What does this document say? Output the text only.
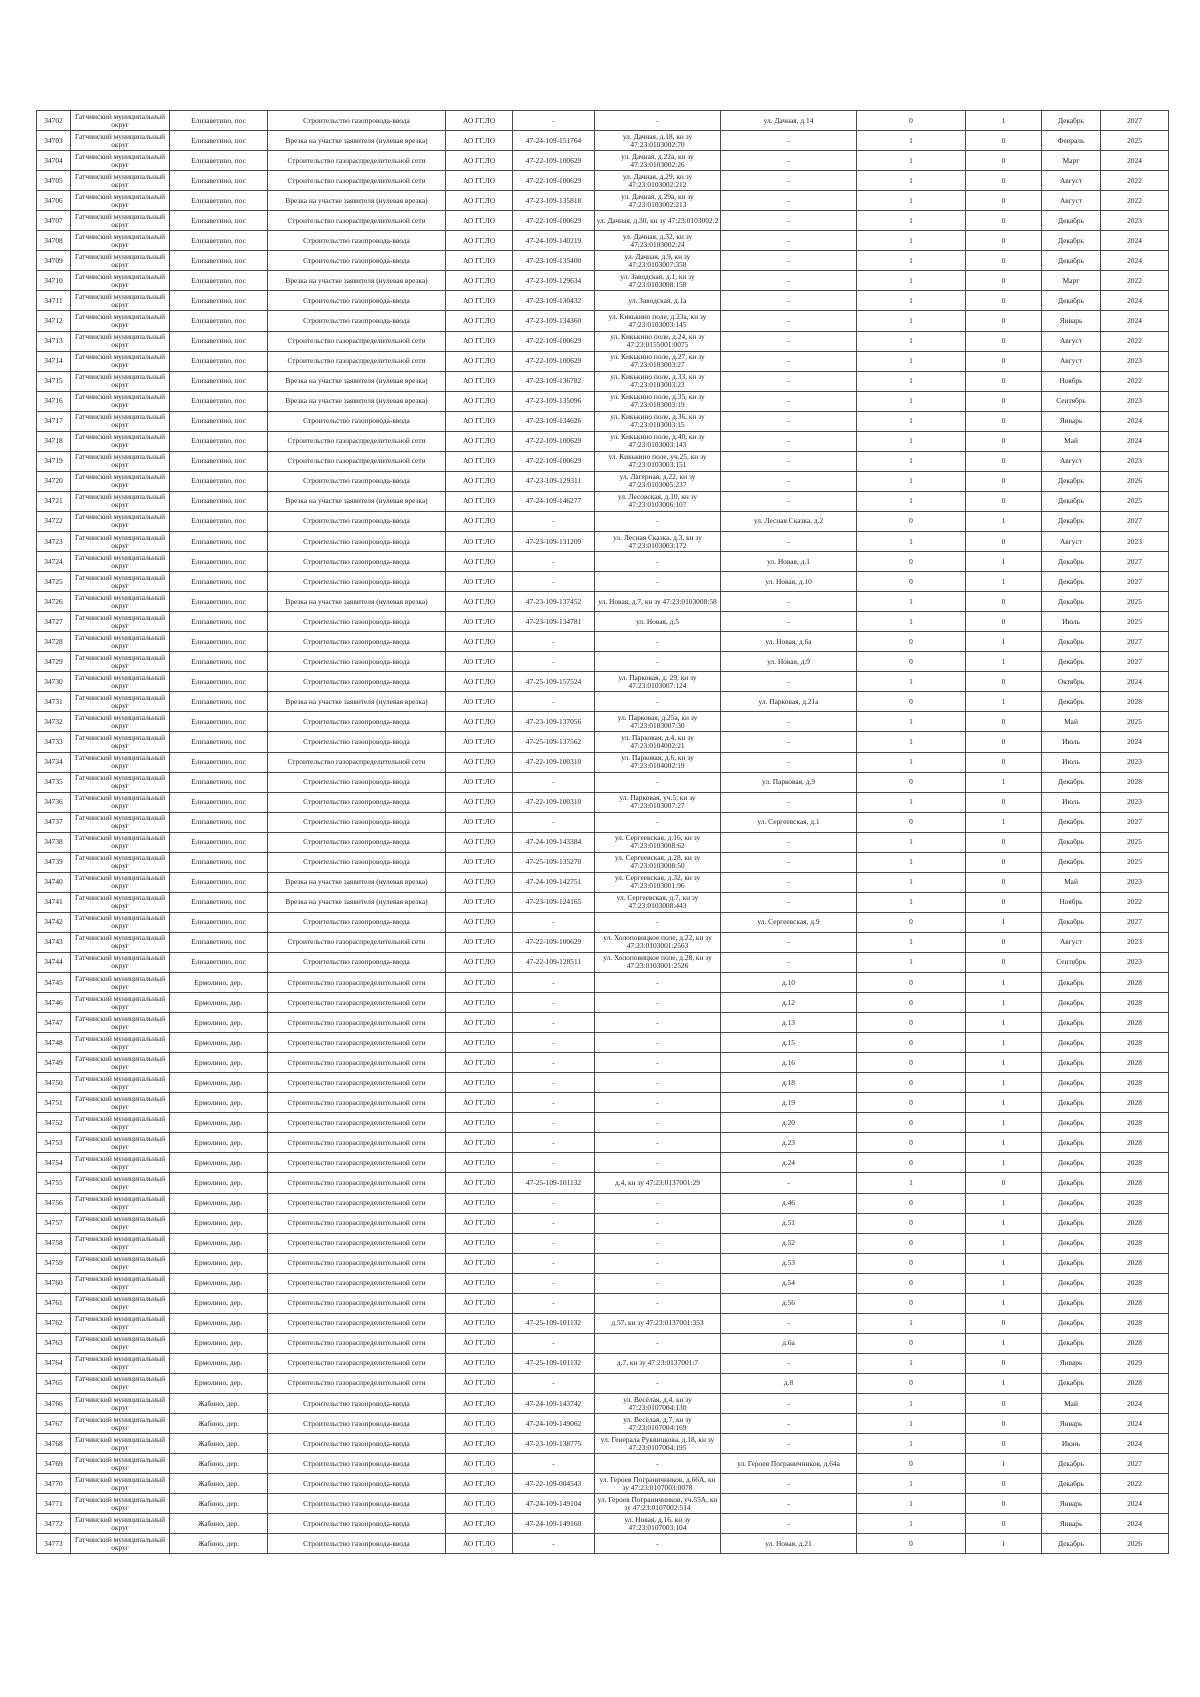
34702	Гатчинский муниципальный округ	Елизаветино, пос	Строительство газопровода-ввода	АО ГГ.ЛО	-	-	ул. Дачная, д.14	0	1	Декабрь	2027
34703	Гатчинский муниципальный округ	Елизаветино, пос	Врезка на участке заявителя (нулевая врезка)	АО ГГ.ЛО	47-24-109-151764	ул. Дачная, д.18, кн зу 47:23:0103002:70	-	1	0	Февраль	2025
34704	Гатчинский муниципальный округ	Елизаветино, пос	Строительство газораспределительной сети	АО ГГ.ЛО	47-22-109-100629	ул. Дачная, д.22а, кн зу 47:23:0103002:26	-	1	0	Март	2024
34705	Гатчинский муниципальный округ	Елизаветино, пос	Строительство газораспределительной сети	АО ГГ.ЛО	47-22-109-100629	ул. Дачная, д.29, кн зу 47:23:0103002:212	-	1	0	Август	2022
34706	Гатчинский муниципальный округ	Елизаветино, пос	Врезка на участке заявителя (нулевая врезка)	АО ГГ.ЛО	47-23-109-135818	ул. Дачная, д.29а, кн зу 47:23:0103002:213	-	1	0	Август	2022
34707	Гатчинский муниципальный округ	Елизаветино, пос	Строительство газораспределительной сети	АО ГГ.ЛО	47-22-109-100629	ул. Дачная, д.30, кн зу 47:23:0103002:2	-	1	0	Декабрь	2023
34708	Гатчинский муниципальный округ	Елизаветино, пос	Строительство газопровода-ввода	АО ГГ.ЛО	47-24-109-140219	ул. Дачная, д.32, кн зу 47:23:0103002:24	-	1	0	Декабрь	2024
34709	Гатчинский муниципальный округ	Елизаветино, пос	Строительство газопровода-ввода	АО ГГ.ЛО	47-23-109-135400	ул. Дачная, д.9, кн зу 47:23:0103007:358	-	1	0	Декабрь	2024
34710	Гатчинский муниципальный округ	Елизаветино, пос	Врезка на участке заявителя (нулевая врезка)	АО ГГ.ЛО	47-23-109-129634	ул. Заводская, д.1, кн зу 47:23:0103008:158	-	1	0	Март	2022
34711	Гатчинский муниципальный округ	Елизаветино, пос	Строительство газопровода-ввода	АО ГГ.ЛО	47-23-109-130432	ул. Заводская, д.1а	-	1	0	Декабрь	2024
34712	Гатчинский муниципальный округ	Елизаветино, пос	Строительство газопровода-ввода	АО ГГ.ЛО	47-23-109-134360	ул. Кикькино поле, д.23а, кн зу 47:23:0103003:145	-	1	0	Январь	2024
34713	Гатчинский муниципальный округ	Елизаветино, пос	Строительство газораспределительной сети	АО ГГ.ЛО	47-22-109-100629	ул. Кикькино поле, д.24, кн зу 47:23:0155001:0075	-	1	0	Август	2022
34714	Гатчинский муниципальный округ	Елизаветино, пос	Строительство газораспределительной сети	АО ГГ.ЛО	47-22-109-100629	ул. Кикькино поле, д.27, кн зу 47:23:0103003:27	-	1	0	Август	2023
34715	Гатчинский муниципальный округ	Елизаветино, пос	Врезка на участке заявителя (нулевая врезка)	АО ГГ.ЛО	47-23-109-136782	ул. Кикькино поле, д.33, кн зу 47:23:0103003:23	-	1	0	Ноябрь	2022
34716	Гатчинский муниципальный округ	Елизаветино, пос	Врезка на участке заявителя (нулевая врезка)	АО ГГ.ЛО	47-23-109-135096	ул. Кикькино поле, д.35, кн зу 47:23:0103003:19	-	1	0	Сентябрь	2023
34717	Гатчинский муниципальный округ	Елизаветино, пос	Строительство газопровода-ввода	АО ГГ.ЛО	47-23-109-134626	ул. Кикькино поле, д.36, кн зу 47:23:0103003:15	-	1	0	Январь	2024
34718	Гатчинский муниципальный округ	Елизаветино, пос	Строительство газораспределительной сети	АО ГГ.ЛО	47-22-109-100629	ул. Кикькино поле, д.40, кн зу 47:23:0103003:143	-	1	0	Май	2024
34719	Гатчинский муниципальный округ	Елизаветино, пос	Строительство газораспределительной сети	АО ГГ.ЛО	47-22-109-100629	ул. Кикькино поле, уч.25, кн зу 47:23:0103003:151	-	1	0	Август	2023
34720	Гатчинский муниципальный округ	Елизаветино, пос	Строительство газопровода-ввода	АО ГГ.ЛО	47-23-109-129311	ул. Лагерная, д.22, кн зу 47:23:0103005:237	-	1	0	Декабрь	2026
34721	Гатчинский муниципальный округ	Елизаветино, пос	Врезка на участке заявителя (нулевая врезка)	АО ГГ.ЛО	47-24-109-146277	ул. Лесовская, д.10, кн зу 47:23:0103006:107	-	1	0	Декабрь	2025
34722	Гатчинский муниципальный округ	Елизаветино, пос	Строительство газопровода-ввода	АО ГГ.ЛО	-	-	ул. Лесная Сказка, д.2	0	1	Декабрь	2027
34723	Гатчинский муниципальный округ	Елизаветино, пос	Строительство газопровода-ввода	АО ГГ.ЛО	47-23-109-131209	ул. Лесная Сказка, д.3, кн зу 47:23:0103003:172	-	1	0	Август	2023
34724	Гатчинский муниципальный округ	Елизаветино, пос	Строительство газопровода-ввода	АО ГГ.ЛО	-	-	ул. Новая, д.1	0	1	Декабрь	2027
34725	Гатчинский муниципальный округ	Елизаветино, пос	Строительство газопровода-ввода	АО ГГ.ЛО	-	-	ул. Новая, д.10	0	1	Декабрь	2027
34726	Гатчинский муниципальный округ	Елизаветино, пос	Врезка на участке заявителя (нулевая врезка)	АО ГГ.ЛО	47-23-109-137452	ул. Новая, д.7, кн зу 47:23:0103008:58	-	1	0	Декабрь	2025
34727	Гатчинский муниципальный округ	Елизаветино, пос	Строительство газопровода-ввода	АО ГГ.ЛО	47-23-109-134781	ул. Новая, д.5	-	1	0	Июль	2025
34728	Гатчинский муниципальный округ	Елизаветино, пос	Строительство газопровода-ввода	АО ГГ.ЛО	-	-	ул. Новая, д.6а	0	1	Декабрь	2027
34729	Гатчинский муниципальный округ	Елизаветино, пос	Строительство газопровода-ввода	АО ГГ.ЛО	-	-	ул. Новая, д.9	0	1	Декабрь	2027
34730	Гатчинский муниципальный округ	Елизаветино, пос	Строительство газопровода-ввода	АО ГГ.ЛО	47-25-109-157524	ул. Парковая, д. 29, кн зу 47:23:0103007:124	-	1	0	Октябрь	2024
34731	Гатчинский муниципальный округ	Елизаветино, пос	Врезка на участке заявителя (нулевая врезка)	АО ГГ.ЛО	-	-	ул. Парковая, д.21а	0	1	Декабрь	2028
34732	Гатчинский муниципальный округ	Елизаветино, пос	Строительство газопровода-ввода	АО ГГ.ЛО	47-23-109-137056	ул. Парковая, д.25а, кн зу 47:23:0103007:30	-	1	0	Май	2025
34733	Гатчинский муниципальный округ	Елизаветино, пос	Строительство газопровода-ввода	АО ГГ.ЛО	47-25-109-137562	ул. Парковая, д.4, кн зу 47:23:0104002:21	-	1	0	Июль	2024
34734	Гатчинский муниципальный округ	Елизаветино, пос	Строительство газораспределительной сети	АО ГГ.ЛО	47-22-109-100310	ул. Парковая, д.6, кн зу 47:23:0104002:19	-	1	0	Июль	2023
34735	Гатчинский муниципальный округ	Елизаветино, пос	Строительство газопровода-ввода	АО ГГ.ЛО	-	-	ул. Парковая, д.9	0	1	Декабрь	2028
34736	Гатчинский муниципальный округ	Елизаветино, пос	Строительство газопровода-ввода	АО ГГ.ЛО	47-22-109-100310	ул. Парковая, уч.5, кн зу 47:23:0103007:27	-	1	0	Июль	2023
34737	Гатчинский муниципальный округ	Елизаветино, пос	Строительство газопровода-ввода	АО ГГ.ЛО	-	-	ул. Сергеевская, д.1	0	1	Декабрь	2027
34738	Гатчинский муниципальный округ	Елизаветино, пос	Строительство газопровода-ввода	АО ГГ.ЛО	47-24-109-143384	ул. Сергеевская, д.16, кн зу 47:23:0103008:62	-	1	0	Декабрь	2025
34739	Гатчинский муниципальный округ	Елизаветино, пос	Строительство газопровода-ввода	АО ГГ.ЛО	47-25-109-135270	ул. Сергеевская, д.28, кн зу 47:23:0103008:50	-	1	0	Декабрь	2025
34740	Гатчинский муниципальный округ	Елизаветино, пос	Врезка на участке заявителя (нулевая врезка)	АО ГГ.ЛО	47-24-109-142751	ул. Сергеевская, д.32, кн зу 47:23:0103001:96	-	1	0	Май	2023
34741	Гатчинский муниципальный округ	Елизаветино, пос	Врезка на участке заявителя (нулевая врезка)	АО ГГ.ЛО	47-23-109-124165	ул. Сергеевская, д.7, кн зу 47:23:0103008:443	-	1	0	Ноябрь	2022
34742	Гатчинский муниципальный округ	Елизаветино, пос	Строительство газопровода-ввода	АО ГГ.ЛО	-	-	ул. Сергеевская, д.9	0	1	Декабрь	2027
34743	Гатчинский муниципальный округ	Елизаветино, пос	Строительство газораспределительной сети	АО ГГ.ЛО	47-22-109-100629	ул. Холоповицкое поле, д.22, кн зу 47:23:0103001:2563	-	1	0	Август	2023
34744	Гатчинский муниципальный округ	Елизаветино, пос	Строительство газопровода-ввода	АО ГГ.ЛО	47-22-109-128511	ул. Холоповицкое поле, д.28, кн зу 47:23:0103001:2526	-	1	0	Сентябрь	2023
34745	Гатчинский муниципальный округ	Ермолино, дер.	Строительство газораспределительной сети	АО ГГ.ЛО	-	-	д.10	0	1	Декабрь	2028
34746	Гатчинский муниципальный округ	Ермолино, дер.	Строительство газораспределительной сети	АО ГГ.ЛО	-	-	д.12	0	1	Декабрь	2028
34747	Гатчинский муниципальный округ	Ермолино, дер.	Строительство газораспределительной сети	АО ГГ.ЛО	-	-	д.13	0	1	Декабрь	2028
34748	Гатчинский муниципальный округ	Ермолино, дер.	Строительство газораспределительной сети	АО ГГ.ЛО	-	-	д.15	0	1	Декабрь	2028
34749	Гатчинский муниципальный округ	Ермолино, дер.	Строительство газораспределительной сети	АО ГГ.ЛО	-	-	д.16	0	1	Декабрь	2028
34750	Гатчинский муниципальный округ	Ермолино, дер.	Строительство газораспределительной сети	АО ГГ.ЛО	-	-	д.18	0	1	Декабрь	2028
34751	Гатчинский муниципальный округ	Ермолино, дер.	Строительство газораспределительной сети	АО ГГ.ЛО	-	-	д.19	0	1	Декабрь	2028
34752	Гатчинский муниципальный округ	Ермолино, дер.	Строительство газораспределительной сети	АО ГГ.ЛО	-	-	д.20	0	1	Декабрь	2028
34753	Гатчинский муниципальный округ	Ермолино, дер.	Строительство газораспределительной сети	АО ГГ.ЛО	-	-	д.23	0	1	Декабрь	2028
34754	Гатчинский муниципальный округ	Ермолино, дер.	Строительство газораспределительной сети	АО ГГ.ЛО	-	-	д.24	0	1	Декабрь	2028
34755	Гатчинский муниципальный округ	Ермолино, дер.	Строительство газораспределительной сети	АО ГГ.ЛО	47-25-109-101132	д.4, кн зу 47:23:0137001:29	-	1	0	Декабрь	2028
34756	Гатчинский муниципальный округ	Ермолино, дер.	Строительство газораспределительной сети	АО ГГ.ЛО	-	-	д.46	0	1	Декабрь	2028
34757	Гатчинский муниципальный округ	Ермолино, дер.	Строительство газораспределительной сети	АО ГГ.ЛО	-	-	д.51	0	1	Декабрь	2028
34758	Гатчинский муниципальный округ	Ермолино, дер.	Строительство газораспределительной сети	АО ГГ.ЛО	-	-	д.52	0	1	Декабрь	2028
34759	Гатчинский муниципальный округ	Ермолино, дер.	Строительство газораспределительной сети	АО ГГ.ЛО	-	-	д.53	0	1	Декабрь	2028
34760	Гатчинский муниципальный округ	Ермолино, дер.	Строительство газораспределительной сети	АО ГГ.ЛО	-	-	д.54	0	1	Декабрь	2028
34761	Гатчинский муниципальный округ	Ермолино, дер.	Строительство газораспределительной сети	АО ГГ.ЛО	-	-	д.56	0	1	Декабрь	2028
34762	Гатчинский муниципальный округ	Ермолино, дер.	Строительство газораспределительной сети	АО ГГ.ЛО	47-25-109-101132	д.57, кн зу 47:23:0137001:353	-	1	0	Декабрь	2028
34763	Гатчинский муниципальный округ	Ермолино, дер.	Строительство газораспределительной сети	АО ГГ.ЛО	-	-	д.6а	0	1	Декабрь	2028
34764	Гатчинский муниципальный округ	Ермолино, дер.	Строительство газораспределительной сети	АО ГГ.ЛО	47-25-109-101132	д.7, кн зу 47:23:0137001:7	-	1	0	Январь	2029
34765	Гатчинский муниципальный округ	Ермолино, дер.	Строительство газораспределительной сети	АО ГГ.ЛО	-	-	д.8	0	1	Декабрь	2028
34766	Гатчинский муниципальный округ	Жабино, дер.	Строительство газопровода-ввода	АО ГГ.ЛО	47-24-109-143742	ул. Весёлая, д.4, кн зу 47:23:0107004:130	-	1	0	Май	2024
34767	Гатчинский муниципальный округ	Жабино, дер.	Строительство газопровода-ввода	АО ГГ.ЛО	47-24-109-149062	ул. Весёлая, д.7, кн зу 47:23:0107004:169	-	1	0	Январь	2024
34768	Гатчинский муниципальный округ	Жабино, дер.	Строительство газопровода-ввода	АО ГГ.ЛО	47-23-109-138775	ул. Генерала Руквицкова, д.18, кн зу 47:23:0107004:195	-	1	0	Июнь	2024
34769	Гатчинский муниципальный округ	Жабино, дер.	Строительство газопровода-ввода	АО ГГ.ЛО	-	-	ул. Героев Пограничников, д.64а	0	1	Декабрь	2027
34770	Гатчинский муниципальный округ	Жабино, дер.	Строительство газопровода-ввода	АО ГГ.ЛО	47-22-109-004543	ул. Героев Пограничников, д.66А, кн зу 47:23:0107003:0078	-	1	0	Декабрь	2022
34771	Гатчинский муниципальный округ	Жабино, дер.	Строительство газопровода-ввода	АО ГГ.ЛО	47-24-109-149104	ул. Героев Пограничников, уч.55А, кн зу 47:23:0107002:514	-	1	0	Январь	2024
34772	Гатчинский муниципальный округ	Жабино, дер.	Строительство газопровода-ввода	АО ГГ.ЛО	47-24-109-149160	ул. Новая, д.16, кн зу 47:23:0107003:104	-	1	0	Январь	2024
34773	Гатчинский муниципальный округ	Жабино, дер.	Строительство газопровода-ввода	АО ГГ.ЛО	-	-	ул. Новая, д.21	0	1	Декабрь	2026
